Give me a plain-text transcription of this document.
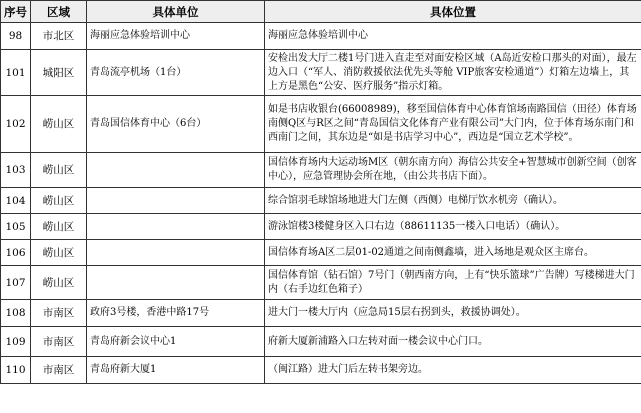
序号	区域	具体单位	具体位置
98	市北区	海丽应急体验培训中心	海丽应急体验培训中心
101	城阳区	青岛流亭机场（1台）	安检出发大厅二楼1号门进入直走至对面安检区域（A岛近安检口那头的对面），最左边入口（“军人、消防救援依法优先头等舱 VIP旅客安检通道”）灯箱左边墙上，其上方是黑色“公安、医疗服务”指示灯箱。
102	崂山区	青岛国信体育中心（6台）	如是书店收银台(66008989)，移至国信体育中心体育馆场南路国信（田径）体育场南侧Q区与R区之间“青岛国信文化体育产业有限公司”大门内，位于体育场东南门和西南门之间，其东边是“如是书店学习中心”，西边是“国立艺术学校”。
103	崂山区		国信体育场内大运动场M区（朝东南方向）海信公共安全+智慧城市创新空间（创客中心），应急管理协会所在地，（由公共书店下面）。
104	崂山区		综合馆羽毛球馆场地进大门左侧（西侧）电梯厅饮水机旁（确认）。
105	崂山区		游泳馆楼3楼健身区入口右边（88611135一楼入口电话）（确认）。
106	崂山区		国信体育场A区二层01-02通道之间南侧鑫墙，进入场地是观众区主席台。
107	崂山区		国信体育馆（钻石馆）7号门（朝西南方向，上有“快乐篮球”广告牌）写楼梯进大门内（右手边红色箱子）
108	市南区	政府3号楼，香港中路17号	进大门一楼大厅内（应急局15层右拐到头，救援协调处）。
109	市南区	青岛府新会议中心1	府新大厦新浦路入口左转对面一楼会议中心门口。
110	市南区	青岛府新大厦1	（闽江路）进大门后左转书架旁边。
